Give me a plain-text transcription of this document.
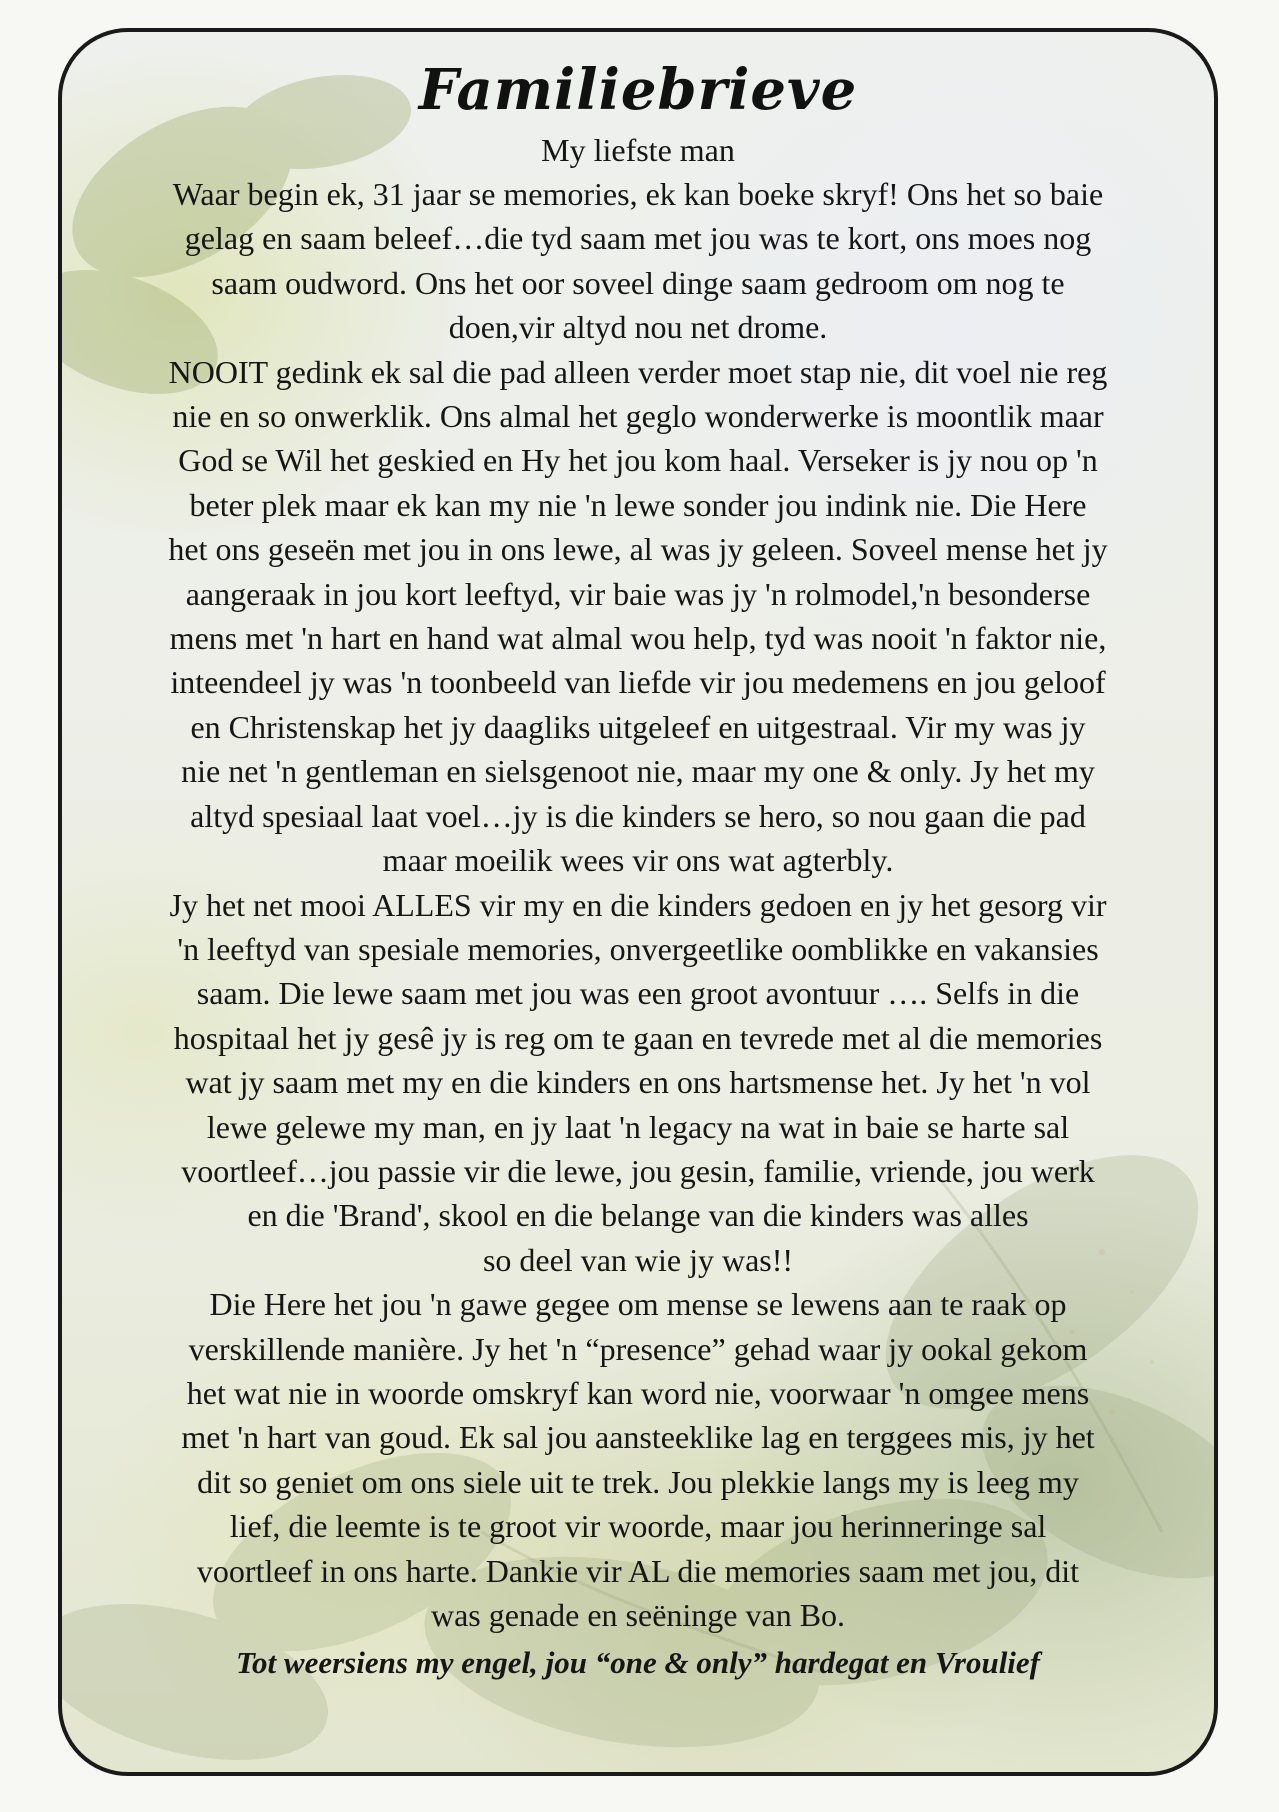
Familiebrieve

My liefste man

Waar begin ek, 31 jaar se memories, ek kan boeke skryf! Ons het so baie
gelag en saam beleef…die tyd saam met jou was te kort, ons moes nog
saam oudword. Ons het oor soveel dinge saam gedroom om nog te
doen,vir altyd nou net drome.
NOOIT gedink ek sal die pad alleen verder moet stap nie, dit voel nie reg
nie en so onwerklik. Ons almal het geglo wonderwerke is moontlik maar
God se Wil het geskied en Hy het jou kom haal. Verseker is jy nou op 'n
beter plek maar ek kan my nie 'n lewe sonder jou indink nie. Die Here
het ons geseën met jou in ons lewe, al was jy geleen. Soveel mense het jy
aangeraak in jou kort leeftyd, vir baie was jy 'n rolmodel,'n besonderse
mens met 'n hart en hand wat almal wou help, tyd was nooit 'n faktor nie,
inteendeel jy was 'n toonbeeld van liefde vir jou medemens en jou geloof
en Christenskap het jy daagliks uitgeleef en uitgestraal. Vir my was jy
nie net 'n gentleman en sielsgenoot nie, maar my one & only. Jy het my
altyd spesiaal laat voel…jy is die kinders se hero, so nou gaan die pad
maar moeilik wees vir ons wat agterbly.
Jy het net mooi ALLES vir my en die kinders gedoen en jy het gesorg vir
'n leeftyd van spesiale memories, onvergeetlike oomblikke en vakansies
saam. Die lewe saam met jou was een groot avontuur …. Selfs in die
hospitaal het jy gesê jy is reg om te gaan en tevrede met al die memories
wat jy saam met my en die kinders en ons hartsmense het. Jy het 'n vol
lewe gelewe my man, en jy laat 'n legacy na wat in baie se harte sal
voortleef…jou passie vir die lewe, jou gesin, familie, vriende, jou werk
en die 'Brand', skool en die belange van die kinders was alles
so deel van wie jy was!!
Die Here het jou 'n gawe gegee om mense se lewens aan te raak op
verskillende manière. Jy het 'n “presence” gehad waar jy ookal gekom
het wat nie in woorde omskryf kan word nie, voorwaar 'n omgee mens
met 'n hart van goud. Ek sal jou aansteeklike lag en terggees mis, jy het
dit so geniet om ons siele uit te trek. Jou plekkie langs my is leeg my
lief, die leemte is te groot vir woorde, maar jou herinneringe sal
voortleef in ons harte. Dankie vir AL die memories saam met jou, dit
was genade en seëninge van Bo.
Tot weersiens my engel, jou “one & only” hardegat en Vroulief
